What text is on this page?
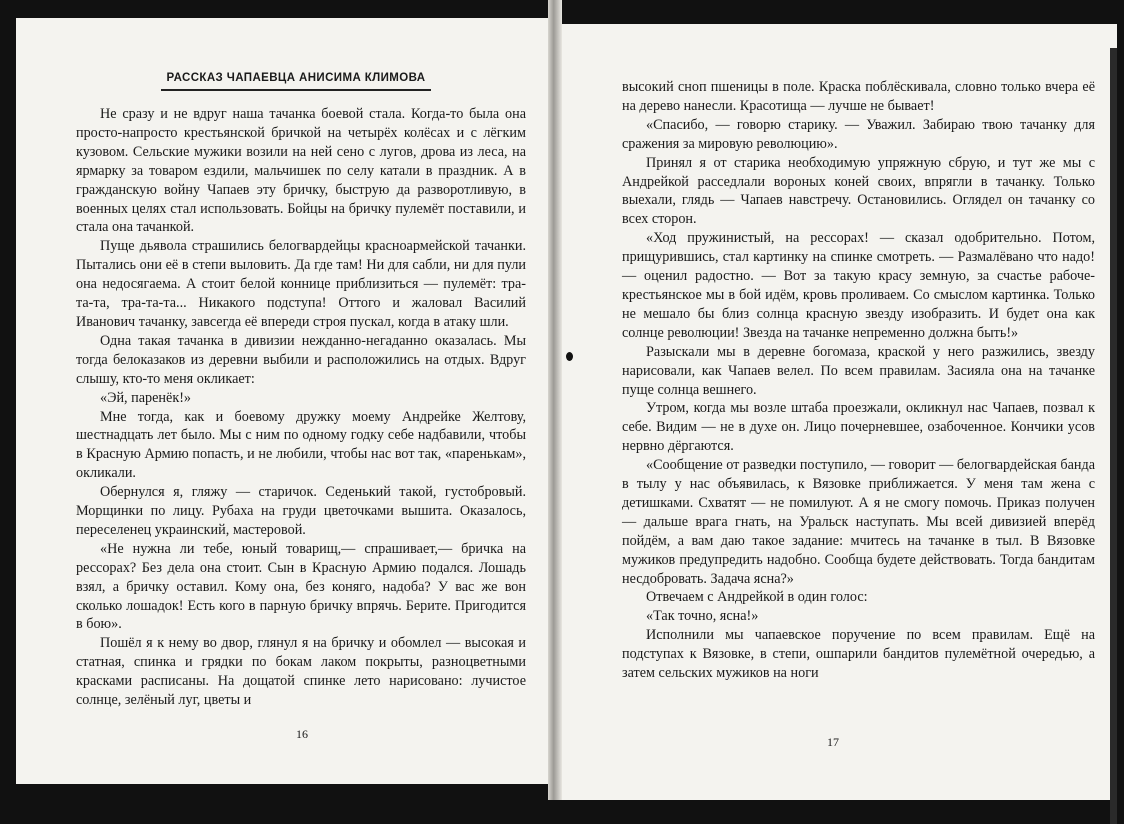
РАССКАЗ ЧАПАЕВЦА АНИСИМА КЛИМОВА

Не сразу и не вдруг наша тачанка боевой стала. Когда-то была она просто-напросто крестьянской бричкой на четырёх колёсах и с лёгким кузовом. Сельские мужики возили на ней сено с лугов, дрова из леса, на ярмарку за товаром ездили, мальчишек по селу катали в праздник. А в гражданскую войну Чапаев эту бричку, быструю да разворотливую, в военных целях стал использовать. Бойцы на бричку пулемёт поставили, и стала она тачанкой.

Пуще дьявола страшились белогвардейцы красноармейской тачанки. Пытались они её в степи выловить. Да где там! Ни для сабли, ни для пули она недосягаема. А стоит белой коннице приблизиться — пулемёт: тра-та-та, тра-та-та... Никакого подступа! Оттого и жаловал Василий Иванович тачанку, завсегда её впереди строя пускал, когда в атаку шли.

Одна такая тачанка в дивизии нежданно-негаданно оказалась. Мы тогда белоказаков из деревни выбили и расположились на отдых. Вдруг слышу, кто-то меня окликает:

«Эй, паренёк!»

Мне тогда, как и боевому дружку моему Андрейке Желтову, шестнадцать лет было. Мы с ним по одному годку себе надбавили, чтобы в Красную Армию попасть, и не любили, чтобы нас вот так, «паренькам», окликали.

Обернулся я, гляжу — старичок. Седенький такой, густобровый. Морщинки по лицу. Рубаха на груди цветочками вышита. Оказалось, переселенец украинский, мастеровой.

«Не нужна ли тебе, юный товарищ,— спрашивает,— бричка на рессорах? Без дела она стоит. Сын в Красную Армию подался. Лошадь взял, а бричку оставил. Кому она, без коняго, надоба? У вас же вон сколько лошадок! Есть кого в парную бричку впрячь. Берите. Пригодится в бою».

Пошёл я к нему во двор, глянул я на бричку и обомлел — высокая и статная, спинка и грядки по бокам лаком покрыты, разноцветными красками расписаны. На дощатой спинке лето нарисовано: лучистое солнце, зелёный луг, цветы и

16

высокий сноп пшеницы в поле. Краска поблёскивала, словно только вчера её на дерево нанесли. Красотища — лучше не бывает!

«Спасибо, — говорю старику. — Уважил. Забираю твою тачанку для сражения за мировую революцию».

Принял я от старика необходимую упряжную сбрую, и тут же мы с Андрейкой расседлали вороных коней своих, впрягли в тачанку. Только выехали, глядь — Чапаев навстречу. Остановились. Оглядел он тачанку со всех сторон.

«Ход пружинистый, на рессорах! — сказал одобрительно. Потом, прищурившись, стал картинку на спинке смотреть. — Размалёвано что надо! — оценил радостно. — Вот за такую красу земную, за счастье рабоче-крестьянское мы в бой идём, кровь проливаем. Со смыслом картинка. Только не мешало бы близ солнца красную звезду изобразить. И будет она как солнце революции! Звезда на тачанке непременно должна быть!»

Разыскали мы в деревне богомаза, краской у него разжились, звезду нарисовали, как Чапаев велел. По всем правилам. Засияла она на тачанке пуще солнца вешнего.

Утром, когда мы возле штаба проезжали, окликнул нас Чапаев, позвал к себе. Видим — не в духе он. Лицо почерневшее, озабоченное. Кончики усов нервно дёргаются.

«Сообщение от разведки поступило, — говорит — белогвардейская банда в тылу у нас объявилась, к Вязовке приближается. У меня там жена с детишками. Схватят — не помилуют. А я не смогу помочь. Приказ получен — дальше врага гнать, на Уральск наступать. Мы всей дивизией вперёд пойдём, а вам даю такое задание: мчитесь на тачанке в тыл. В Вязовке мужиков предупредить надобно. Сообща будете действовать. Тогда бандитам несдобровать. Задача ясна?»

Отвечаем с Андрейкой в один голос:

«Так точно, ясна!»

Исполнили мы чапаевское поручение по всем правилам. Ещё на подступах к Вязовке, в степи, ошпарили бандитов пулемётной очередью, а затем сельских мужиков на ноги

17
